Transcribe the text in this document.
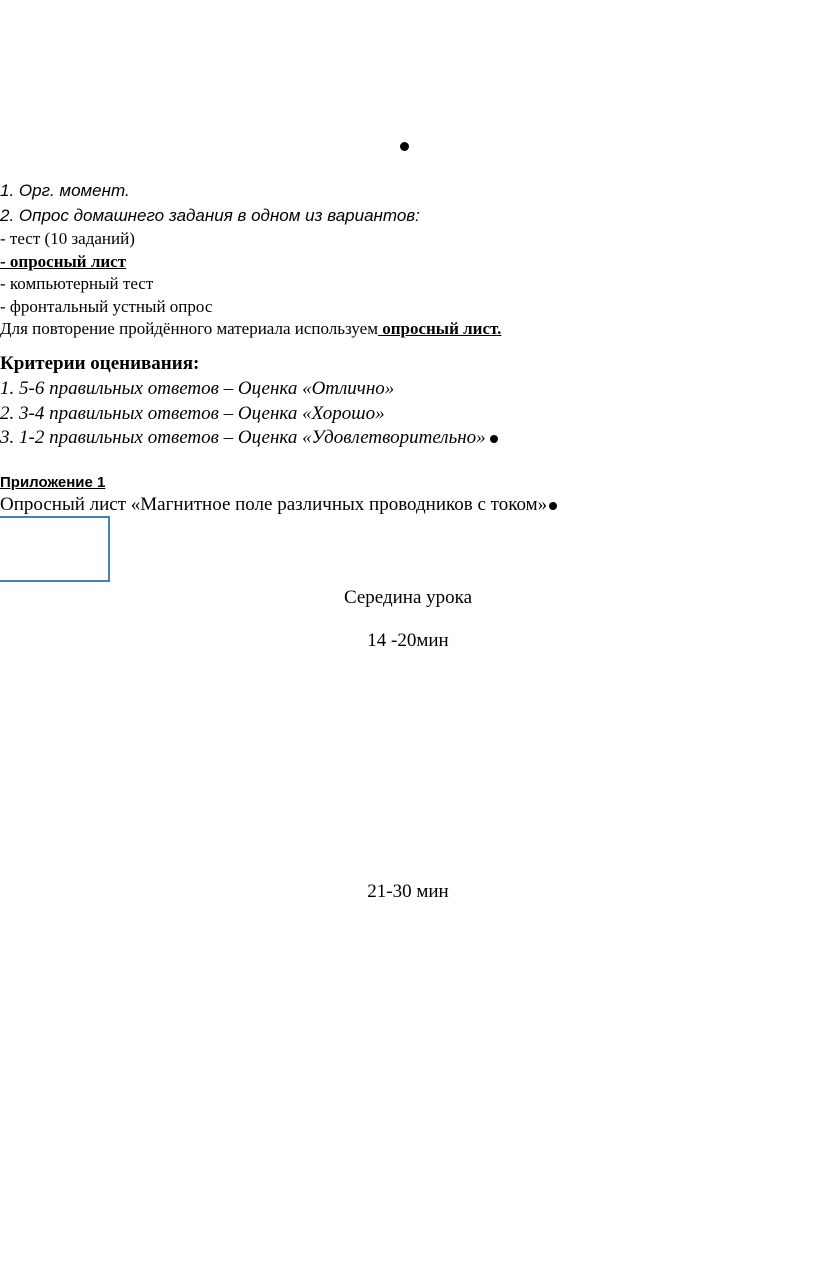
1. Орг. момент.
2. Опрос домашнего задания в одном из вариантов:
- тест (10 заданий)
- опросный лист
- компьютерный тест
- фронтальный устный опрос
Для повторение пройдённого материала используем опросный лист.
Критерии оценивания:
1. 5-6 правильных ответов – Оценка «Отлично»
2. 3-4 правильных ответов – Оценка «Хорошо»
3. 1-2 правильных ответов – Оценка «Удовлетворительно»
Приложение 1
Опросный лист «Магнитное поле различных проводников с током»
Середина урока
14 -20мин
21-30 мин
